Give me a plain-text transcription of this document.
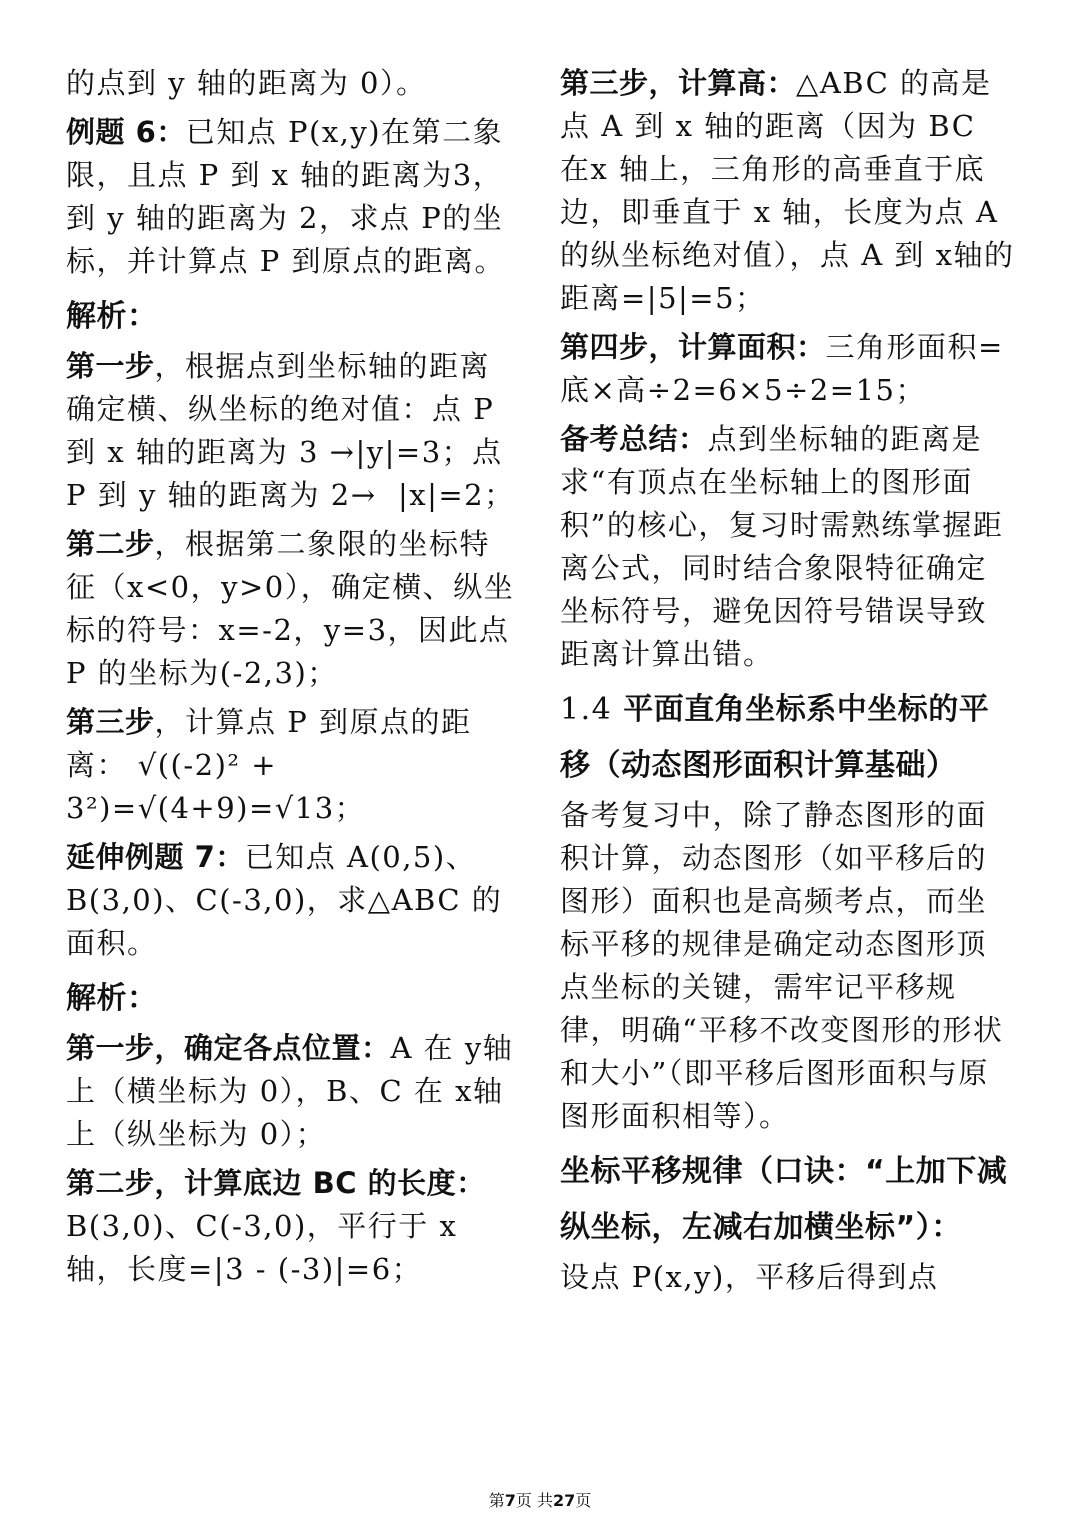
的点到 y 轴的距离为 0）。
例题 6：已知点 P(x,y)在第二象限，且点 P 到 x 轴的距离为3，到 y 轴的距离为 2，求点 P的坐标，并计算点 P 到原点的距离。
解析：
第一步，根据点到坐标轴的距离确定横、纵坐标的绝对值：点 P 到 x 轴的距离为 3 →|y|=3；点 P 到 y 轴的距离为 2→  |x|=2；
第二步，根据第二象限的坐标特征（x<0，y>0），确定横、纵坐标的符号：x=-2，y=3，因此点 P 的坐标为(-2,3)；
第三步，计算点 P 到原点的距离： √((-2)² + 3²)=√(4+9)=√13；
延伸例题 7：已知点 A(0,5)、B(3,0)、C(-3,0)，求△ABC 的面积。
解析：
第一步，确定各点位置：A 在 y轴上（横坐标为 0），B、C 在 x轴上（纵坐标为 0）；
第二步，计算底边 BC 的长度：B(3,0)、C(-3,0)，平行于 x轴，长度=|3 - (-3)|=6；
第三步，计算高：△ABC 的高是点 A 到 x 轴的距离（因为 BC 在x 轴上，三角形的高垂直于底边，即垂直于 x 轴，长度为点 A的纵坐标绝对值），点 A 到 x轴的距离=|5|=5；
第四步，计算面积：三角形面积=底×高÷2=6×5÷2=15；
备考总结：点到坐标轴的距离是求“有顶点在坐标轴上的图形面积”的核心，复习时需熟练掌握距离公式，同时结合象限特征确定坐标符号，避免因符号错误导致距离计算出错。
1.4 平面直角坐标系中坐标的平移（动态图形面积计算基础）
备考复习中，除了静态图形的面积计算，动态图形（如平移后的图形）面积也是高频考点，而坐标平移的规律是确定动态图形顶点坐标的关键，需牢记平移规律，明确“平移不改变图形的形状和大小”（即平移后图形面积与原图形面积相等）。
坐标平移规律（口诀：“上加下减纵坐标，左减右加横坐标”）：
设点 P(x,y)，平移后得到点
第7页 共27页
